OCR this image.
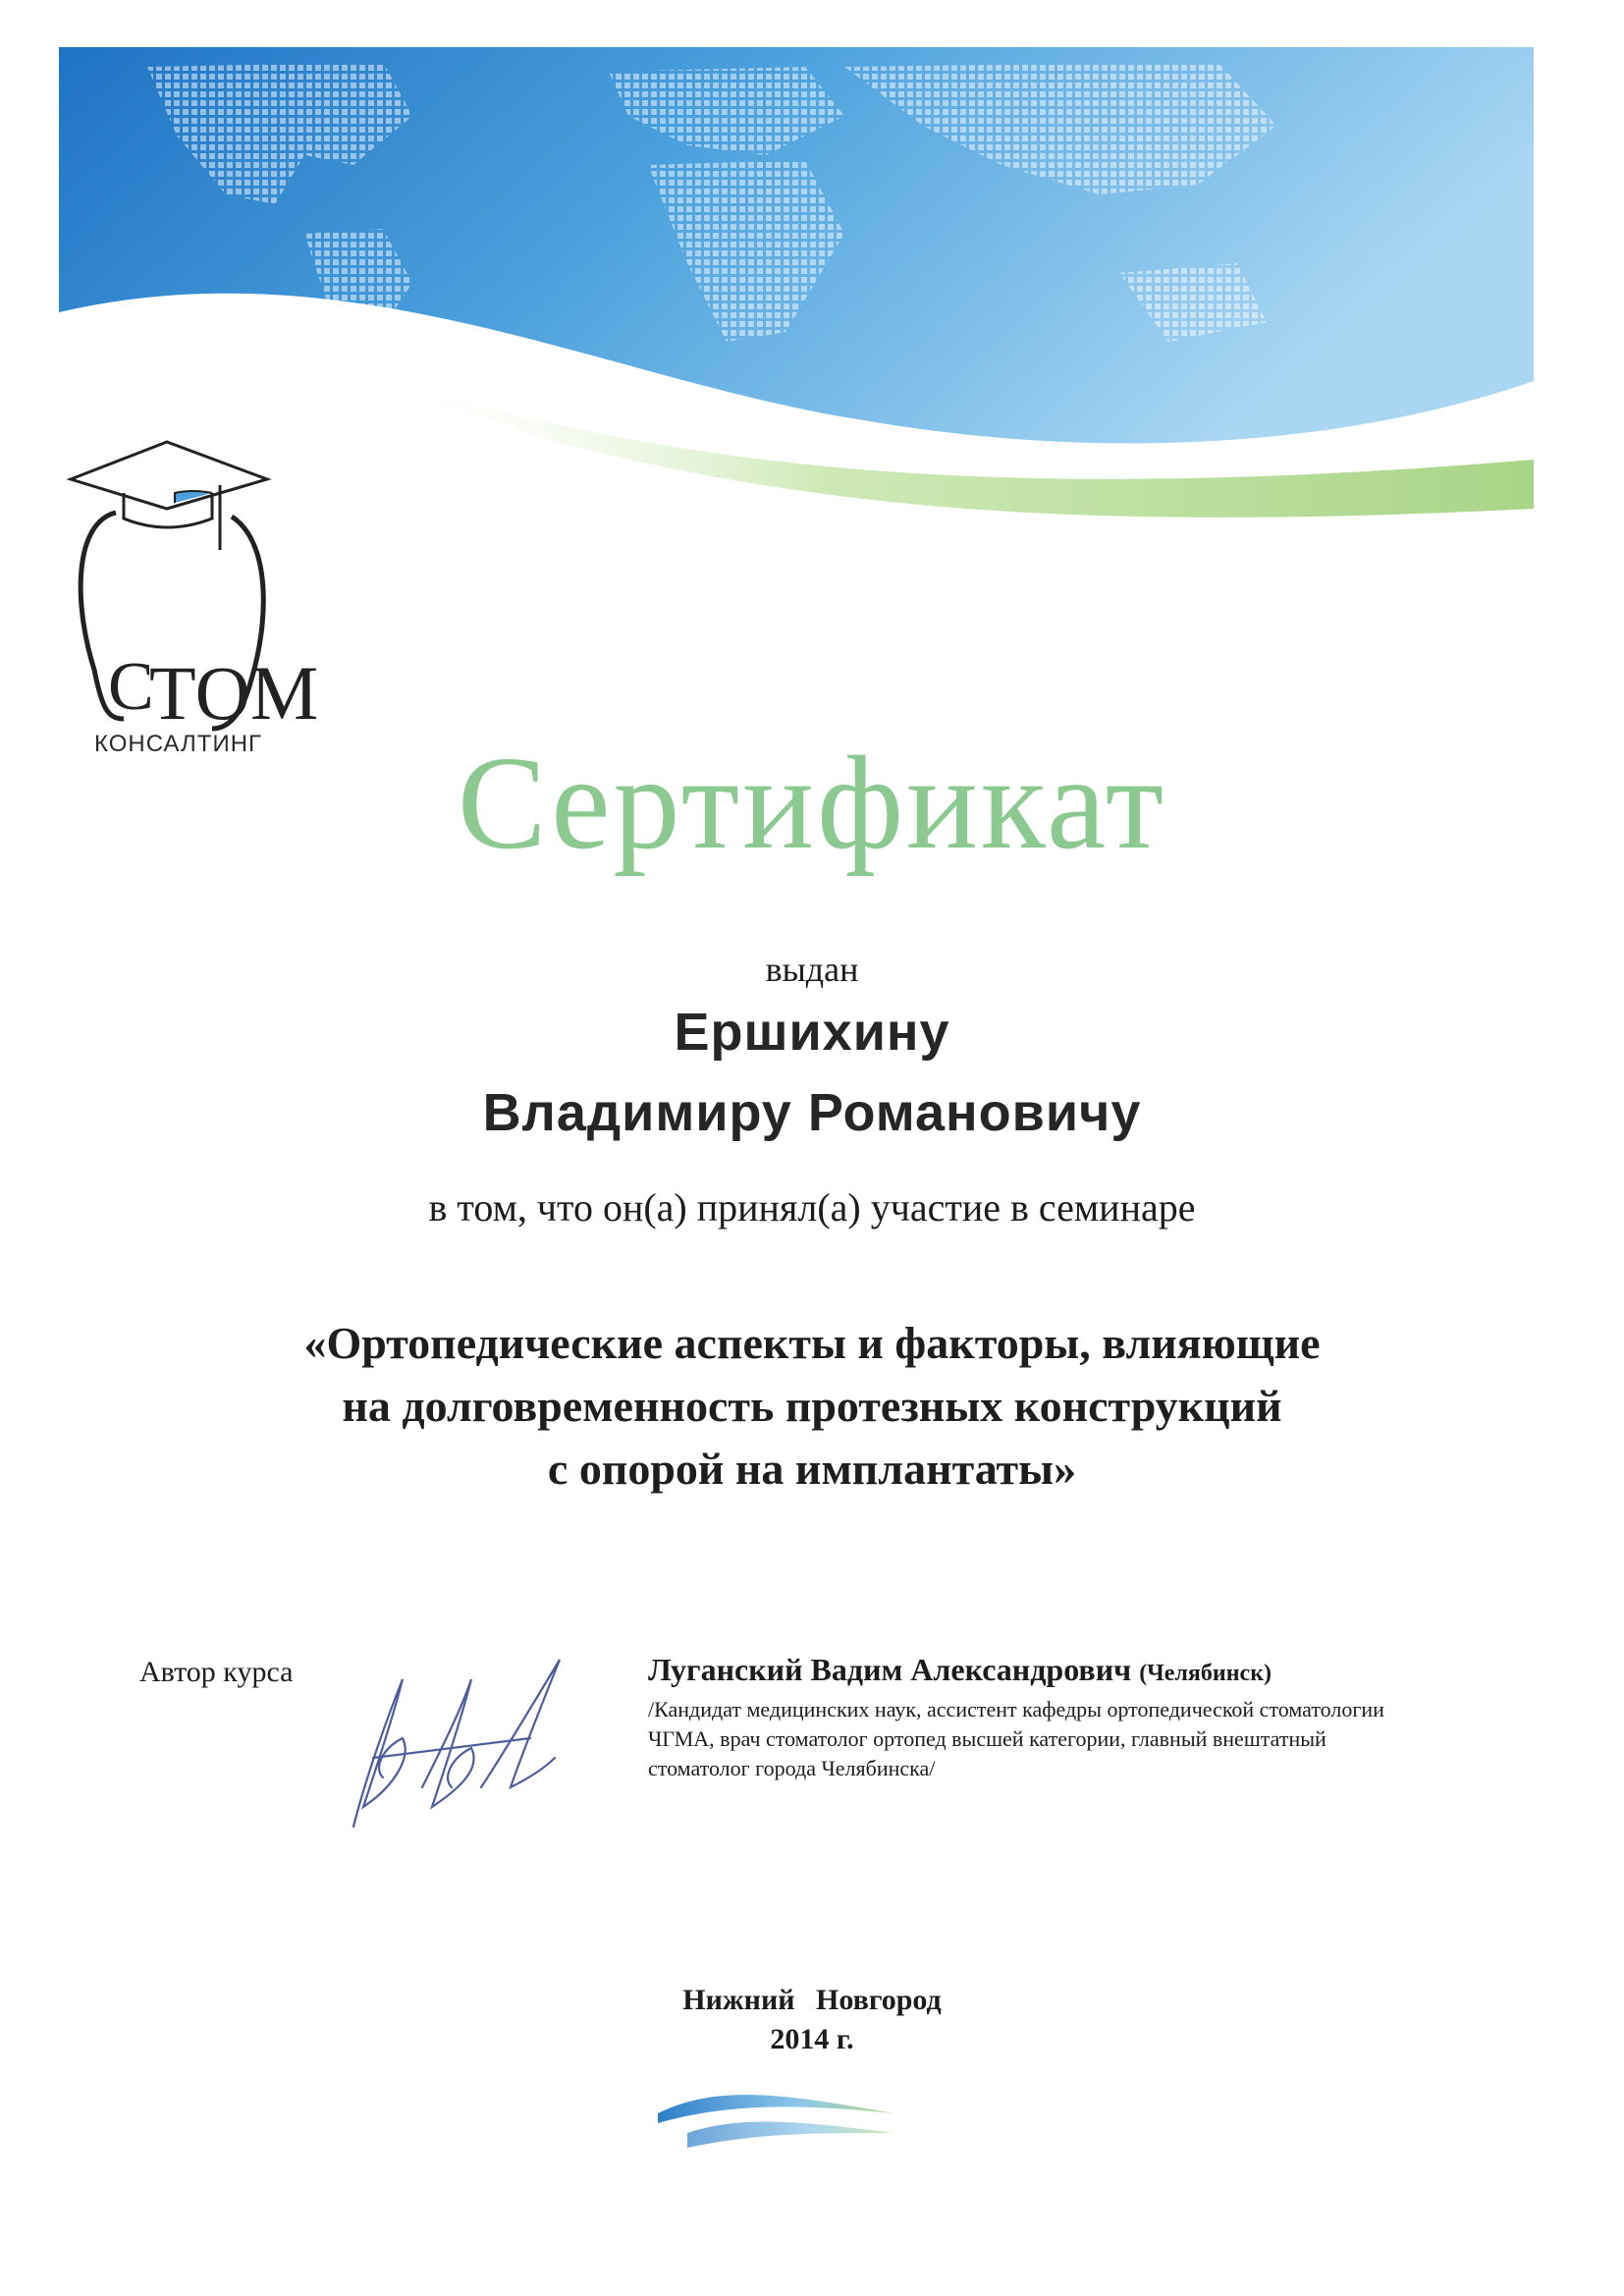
С
ТОМ
КОНСАЛТИНГ	Сертификат
выдан
Ершихину
Владимиру Романовичу
в том, что он(а) принял(а) участие в семинаре
«Ортопедические аспекты и факторы, влияющие
на долговременность протезных конструкций
с опорой на имплантаты»
Автор курса	Луганский Вадим Александрович (Челябинск)
/Кандидат медицинских наук, ассистент кафедры ортопедической стоматологии
ЧГМА, врач стоматолог ортопед высшей категории, главный внештатный
стоматолог города Челябинска/
Нижний Новгород
2014 г.
